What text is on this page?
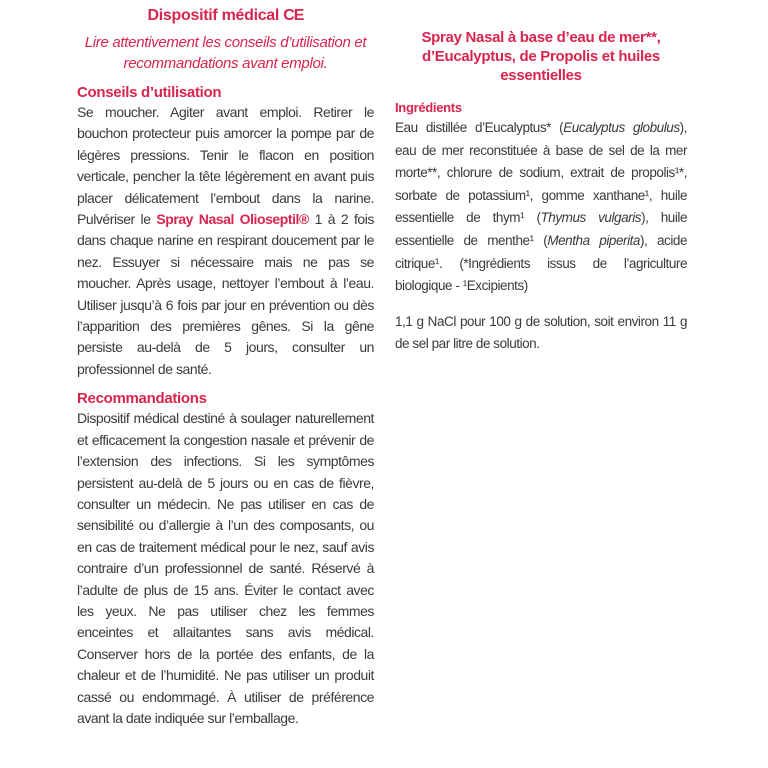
Dispositif médical CE
Lire attentivement les conseils d’utilisation et recommandations avant emploi.
Conseils d’utilisation
Se moucher. Agiter avant emploi. Retirer le bouchon protecteur puis amorcer la pompe par de légères pressions. Tenir le flacon en position verticale, pencher la tête légèrement en avant puis placer délicatement l’embout dans la narine. Pulvériser le Spray Nasal Olioseptil® 1 à 2 fois dans chaque narine en respirant doucement par le nez. Essuyer si nécessaire mais ne pas se moucher. Après usage, nettoyer l’embout à l’eau. Utiliser jusqu’à 6 fois par jour en prévention ou dès l’apparition des premières gênes. Si la gêne persiste au-delà de 5 jours, consulter un professionnel de santé.
Recommandations
Dispositif médical destiné à soulager naturellement et efficacement la congestion nasale et prévenir de l’extension des infections. Si les symptômes persistent au-delà de 5 jours ou en cas de fièvre, consulter un médecin. Ne pas utiliser en cas de sensibilité ou d’allergie à l’un des composants, ou en cas de traitement médical pour le nez, sauf avis contraire d’un professionnel de santé. Réservé à l’adulte de plus de 15 ans. Éviter le contact avec les yeux. Ne pas utiliser chez les femmes enceintes et allaitantes sans avis médical. Conserver hors de la portée des enfants, de la chaleur et de l’humidité. Ne pas utiliser un produit cassé ou endommagé. À utiliser de préférence avant la date indiquée sur l’emballage.
Spray Nasal à base d’eau de mer**, d’Eucalyptus, de Propolis et huiles essentielles
Ingrédients
Eau distillée d’Eucalyptus* (Eucalyptus globulus), eau de mer reconstituée à base de sel de la mer morte**, chlorure de sodium, extrait de propolis¹*, sorbate de potassium¹, gomme xanthane¹, huile essentielle de thym¹ (Thymus vulgaris), huile essentielle de menthe¹ (Mentha piperita), acide citrique¹. (*Ingrédients issus de l’agriculture biologique - ¹Excipients)
1,1 g NaCl pour 100 g de solution, soit environ 11 g de sel par litre de solution.
